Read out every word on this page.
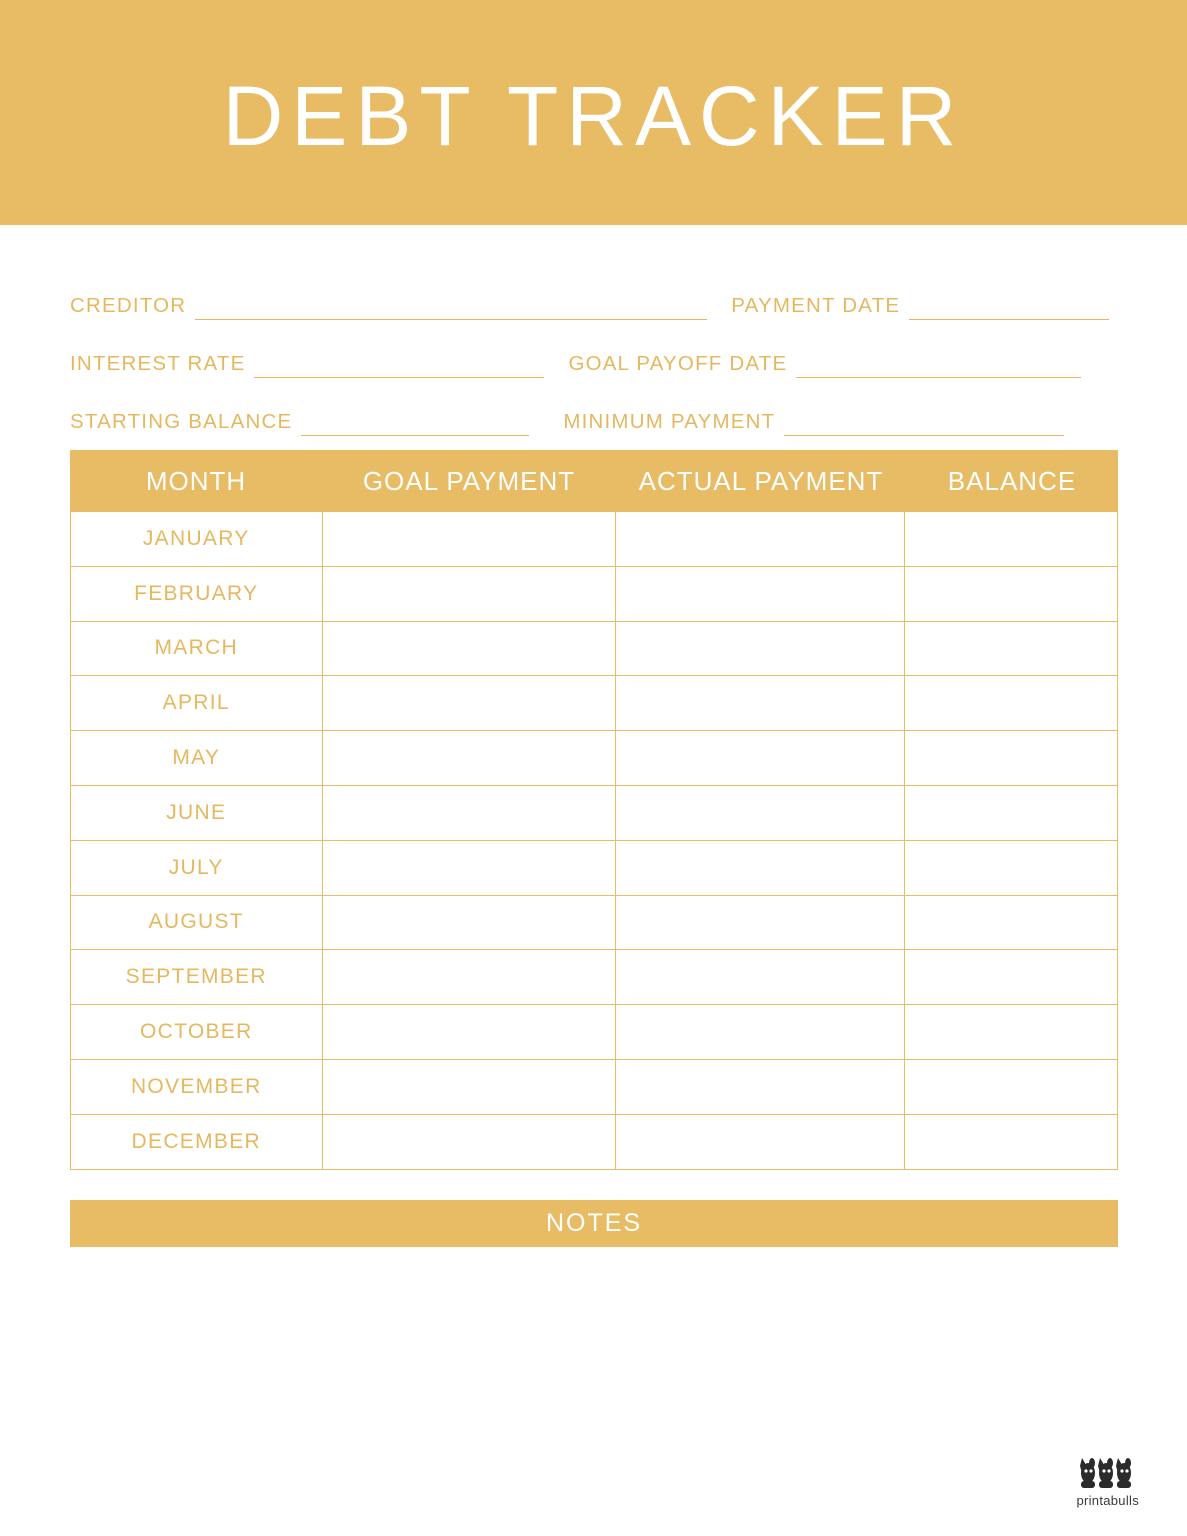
DEBT TRACKER
CREDITOR	PAYMENT DATE
INTEREST RATE	GOAL PAYOFF DATE
STARTING BALANCE	MINIMUM PAYMENT
MONTH	GOAL PAYMENT	ACTUAL PAYMENT	BALANCE
JANUARY
FEBRUARY
MARCH
APRIL
MAY
JUNE
JULY
AUGUST
SEPTEMBER
OCTOBER
NOVEMBER
DECEMBER
NOTES
printabulls
